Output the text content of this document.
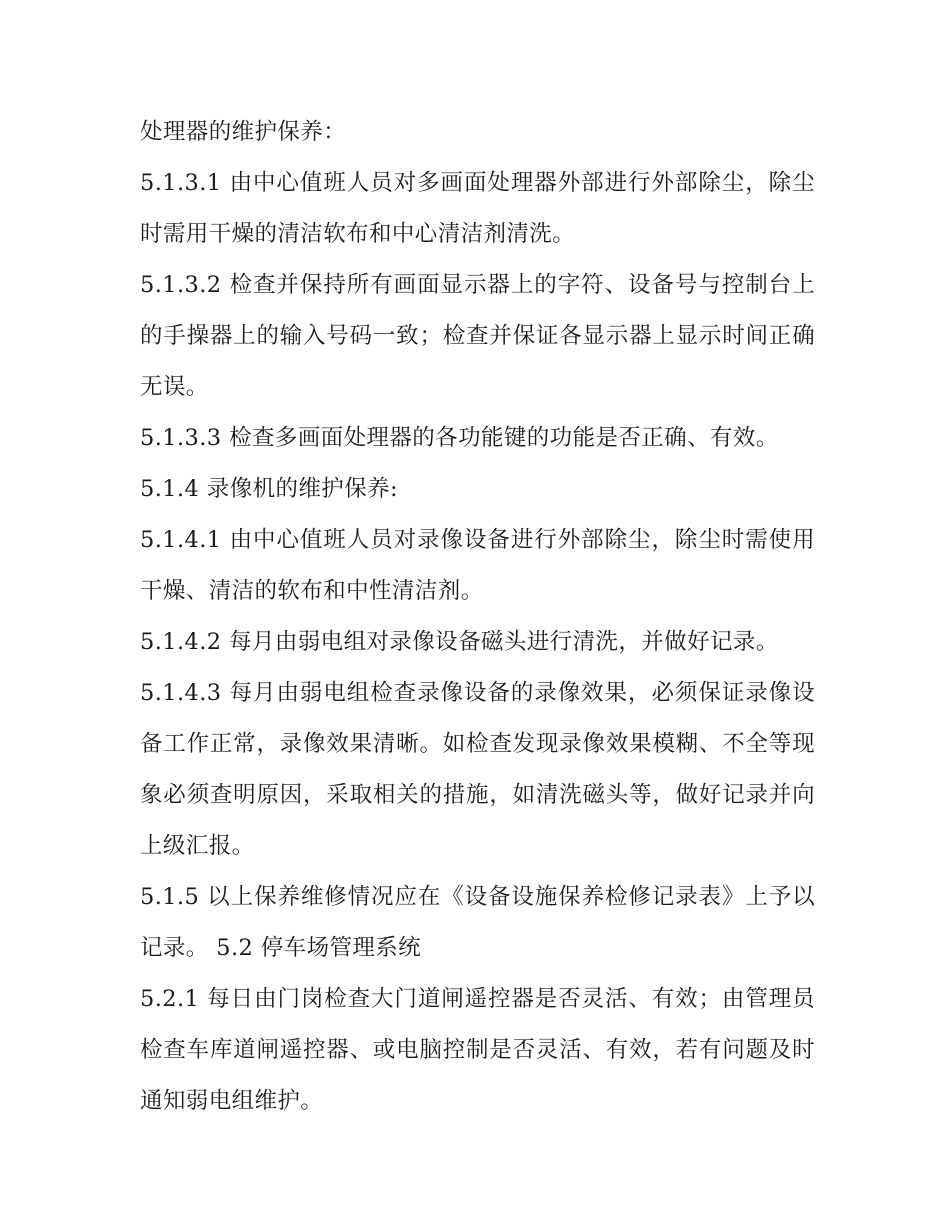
处理器的维护保养：

5.1.3.1 由中心值班人员对多画面处理器外部进行外部除尘，除尘时需用干燥的清洁软布和中心清洁剂清洗。

5.1.3.2 检查并保持所有画面显示器上的字符、设备号与控制台上的手操器上的输入号码一致；检查并保证各显示器上显示时间正确无误。

5.1.3.3 检查多画面处理器的各功能键的功能是否正确、有效。

5.1.4 录像机的维护保养:

5.1.4.1 由中心值班人员对录像设备进行外部除尘，除尘时需使用干燥、清洁的软布和中性清洁剂。

5.1.4.2 每月由弱电组对录像设备磁头进行清洗，并做好记录。

5.1.4.3 每月由弱电组检查录像设备的录像效果，必须保证录像设备工作正常，录像效果清晰。如检查发现录像效果模糊、不全等现象必须查明原因，采取相关的措施，如清洗磁头等，做好记录并向上级汇报。

5.1.5 以上保养维修情况应在《设备设施保养检修记录表》上予以记录。 5.2 停车场管理系统

5.2.1 每日由门岗检查大门道闸遥控器是否灵活、有效；由管理员检查车库道闸遥控器、或电脑控制是否灵活、有效，若有问题及时通知弱电组维护。
